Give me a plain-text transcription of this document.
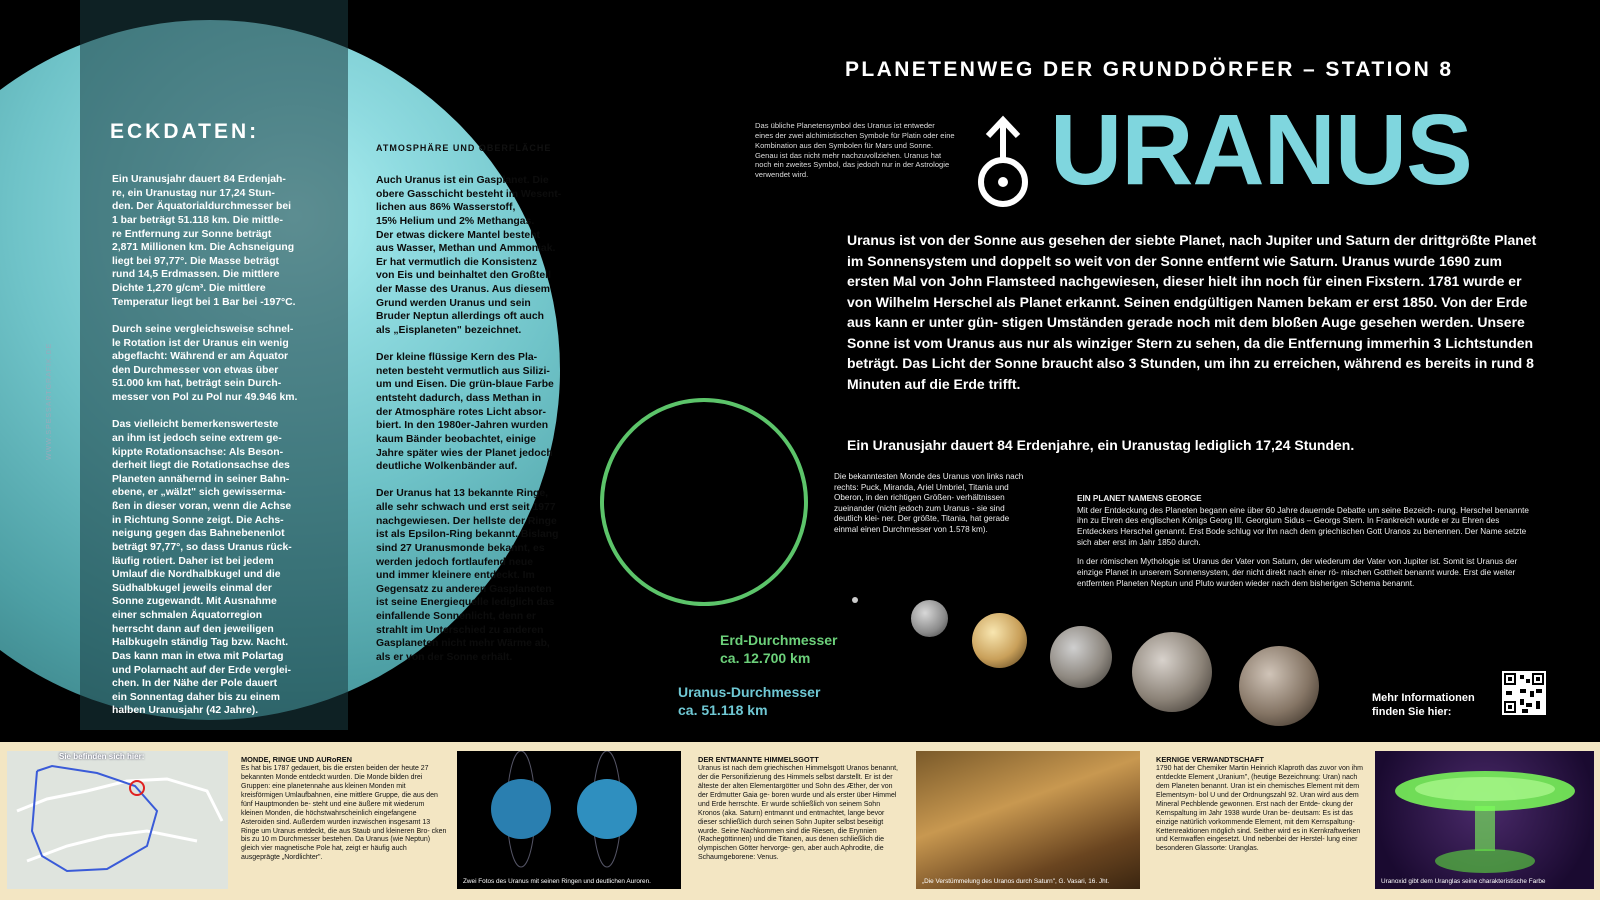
WWW.SPESSARTGRAFIK.DE
ECKDATEN:
Ein Uranusjahr dauert 84 Erdenjah-
re, ein Uranustag nur 17,24 Stun-
den. Der Äquatorialdurchmesser bei
1 bar beträgt 51.118 km. Die mittle-
re Entfernung zur Sonne beträgt
2,871 Millionen km. Die Achsneigung
liegt bei 97,77°. Die Masse beträgt
rund 14,5 Erdmassen. Die mittlere
Dichte 1,270 g/cm³. Die mittlere
Temperatur liegt bei 1 Bar bei -197°C.

Durch seine vergleichsweise schnel-
le Rotation ist der Uranus ein wenig
abgeflacht: Während er am Äquator
den Durchmesser von etwas über
51.000 km hat, beträgt sein Durch-
messer von Pol zu Pol nur 49.946 km.

Das vielleicht bemerkenswerteste
an ihm ist jedoch seine extrem ge-
kippte Rotationsachse: Als Beson-
derheit liegt die Rotationsachse des
Planeten annähernd in seiner Bahn-
ebene, er „wälzt" sich gewisserma-
ßen in dieser voran, wenn die Achse
in Richtung Sonne zeigt. Die Achs-
neigung gegen das Bahnebenenlot
beträgt 97,77°, so dass Uranus rück-
läufig rotiert. Daher ist bei jedem
Umlauf die Nordhalbkugel und die
Südhalbkugel jeweils einmal der
Sonne zugewandt. Mit Ausnahme
einer schmalen Äquatorregion
herrscht dann auf den jeweiligen
Halbkugeln ständig Tag bzw. Nacht.
Das kann man in etwa mit Polartag
und Polarnacht auf der Erde verglei-
chen. In der Nähe der Pole dauert
ein Sonnentag daher bis zu einem
halben Uranusjahr (42 Jahre).
ATMOSPHÄRE UND OBERFLÄCHE
Auch Uranus ist ein Gasplanet. Die
obere Gasschicht besteht im Wesent-
lichen aus 86% Wasserstoff,
15% Helium und 2% Methangas.
Der etwas dickere Mantel besteht
aus Wasser, Methan und Ammoniak.
Er hat vermutlich die Konsistenz
von Eis und beinhaltet den Großteil
der Masse des Uranus. Aus diesem
Grund werden Uranus und sein
Bruder Neptun allerdings oft auch
als „Eisplaneten" bezeichnet.

Der kleine flüssige Kern des Pla-
neten besteht vermutlich aus Silizi-
um und Eisen. Die grün-blaue Farbe
entsteht dadurch, dass Methan in
der Atmosphäre rotes Licht absor-
biert. In den 1980er-Jahren wurden
kaum Bänder beobachtet, einige
Jahre später wies der Planet jedoch
deutliche Wolkenbänder auf.

Der Uranus hat 13 bekannte Ringe,
alle sehr schwach und erst seit 1977
nachgewiesen. Der hellste der Ringe
ist als Epsilon-Ring bekannt. Bislang
sind 27 Uranusmonde bekannt, es
werden jedoch fortlaufend neue
und immer kleinere entdeckt. Im
Gegensatz zu anderen Gasplaneten
ist seine Energiequelle lediglich das
einfallende Sonnenlicht, denn er
strahlt im Unterschied zu anderen
Gasplaneten nicht mehr Wärme ab,
als er von der Sonne erhält.
Erd-Durchmesser
ca. 12.700 km
Uranus-Durchmesser
ca. 51.118 km
PLANETENWEG DER GRUNDDÖRFER – STATION 8
Das übliche Planetensymbol des Uranus ist entweder eines der zwei alchimistischen Symbole für Platin oder eine Kombination aus den Symbolen für Mars und Sonne. Genau ist das nicht mehr nachzuvollziehen. Uranus hat noch ein zweites Symbol, das jedoch nur in der Astrologie verwendet wird.	URANUS
Uranus ist von der Sonne aus gesehen der siebte Planet, nach Jupiter und Saturn der drittgrößte Planet im Sonnensystem und doppelt so weit von der Sonne entfernt wie Saturn. Uranus wurde 1690 zum ersten Mal von John Flamsteed nachgewiesen, dieser hielt ihn noch für einen Fixstern. 1781 wurde er von Wilhelm Herschel als Planet erkannt. Seinen endgültigen Namen bekam er erst 1850. Von der Erde aus kann er unter gün- stigen Umständen gerade noch mit dem bloßen Auge gesehen werden. Unsere Sonne ist vom Uranus aus nur als winziger Stern zu sehen, da die Entfernung immerhin 3 Lichtstunden beträgt. Das Licht der Sonne braucht also 3 Stunden, um ihn zu erreichen, während es bereits in rund 8 Minuten auf die Erde trifft.
Ein Uranusjahr dauert 84 Erdenjahre, ein Uranustag lediglich 17,24 Stunden.
Die bekanntesten Monde des Uranus von links nach rechts: Puck, Miranda, Ariel Umbriel, Titania und Oberon, in den richtigen Größen- verhältnissen zueinander (nicht jedoch zum Uranus - sie sind deutlich klei- ner. Der größte, Titania, hat gerade einmal einen Durchmesser von 1.578 km).
EIN PLANET NAMENS GEORGE
Mit der Entdeckung des Planeten begann eine über 60 Jahre dauernde Debatte um seine Bezeich- nung. Herschel benannte ihn zu Ehren des englischen Königs Georg III. Georgium Sidus – Georgs Stern. In Frankreich wurde er zu Ehren des Entdeckers Herschel genannt. Erst Bode schlug vor ihn nach dem griechischen Gott Uranos zu benennen. Der Name setzte sich aber erst im Jahr 1850 durch.
In der römischen Mythologie ist Uranus der Vater von Saturn, der wiederum der Vater von Jupiter ist. Somit ist Uranus der einzige Planet in unserem Sonnensystem, der nicht direkt nach einer rö- mischen Gottheit benannt wurde. Erst die weiter entfernten Planeten Neptun und Pluto wurden wieder nach dem bisherigen Schema benannt.
Mehr Informationen
finden Sie hier:
Sie befinden sich hier:	MONDE, RINGE UND AURoREN
Es hat bis 1787 gedauert, bis die ersten beiden der heute 27 bekannten Monde entdeckt wurden. Die Monde bilden drei Gruppen: eine planetennahe aus kleinen Monden mit kreisförmigen Umlaufbahnen, eine mittlere Gruppe, die aus den fünf Hauptmonden be- steht und eine äußere mit wiederum kleinen Monden, die höchstwahrscheinlich eingefangene Asteroiden sind. Außerdem wurden inzwischen insgesamt 13 Ringe um Uranus entdeckt, die aus Staub und kleineren Bro- cken bis zu 10 m Durchmesser bestehen. Da Uranus (wie Neptun) gleich vier magnetische Pole hat, zeigt er häufig auch ausgeprägte „Nordlichter".
Zwei Fotos des Uranus mit seinen Ringen und deutlichen Auroren.
DER ENTMANNTE HIMMELSGOTT
Uranus ist nach dem griechischen Himmelsgott Uranos benannt, der die Personifizierung des Himmels selbst darstellt. Er ist der älteste der alten Elementargötter und Sohn des Æther, der von der Erdmutter Gaia ge- boren wurde und als erster über Himmel und Erde herrschte. Er wurde schließlich von seinem Sohn Kronos (aka. Saturn) entmannt und entmachtet, lange bevor dieser schließlich durch seinen Sohn Jupiter selbst beseitigt wurde. Seine Nachkommen sind die Riesen, die Erynnien (Rachegöttinnen) und die Titanen, aus denen schließlich die olympischen Götter hervorge- gen, aber auch Aphrodite, die Schaumgeborene: Venus.
„Die Verstümmelung des Uranos durch Saturn", G. Vasari, 16. Jht.
KERNIGE VERWANDTSCHAFT
1790 hat der Chemiker Martin Heinrich Klaproth das zuvor von ihm entdeckte Element „Uranium", (heutige Bezeichnung: Uran) nach dem Planeten benannt. Uran ist ein chemisches Element mit dem Elementsym- bol U und der Ordnungszahl 92. Uran wird aus dem Mineral Pechblende gewonnen. Erst nach der Entde- ckung der Kernspaltung im Jahr 1938 wurde Uran be- deutsam: Es ist das einzige natürlich vorkommende Element, mit dem Kernspaltung-Kettenreaktionen möglich sind. Seither wird es in Kernkraftwerken und Kernwaffen eingesetzt. Und nebenbei der Herstel- lung einer besonderen Glassorte: Uranglas.
Uranoxid gibt dem Uranglas seine charakteristische Farbe
